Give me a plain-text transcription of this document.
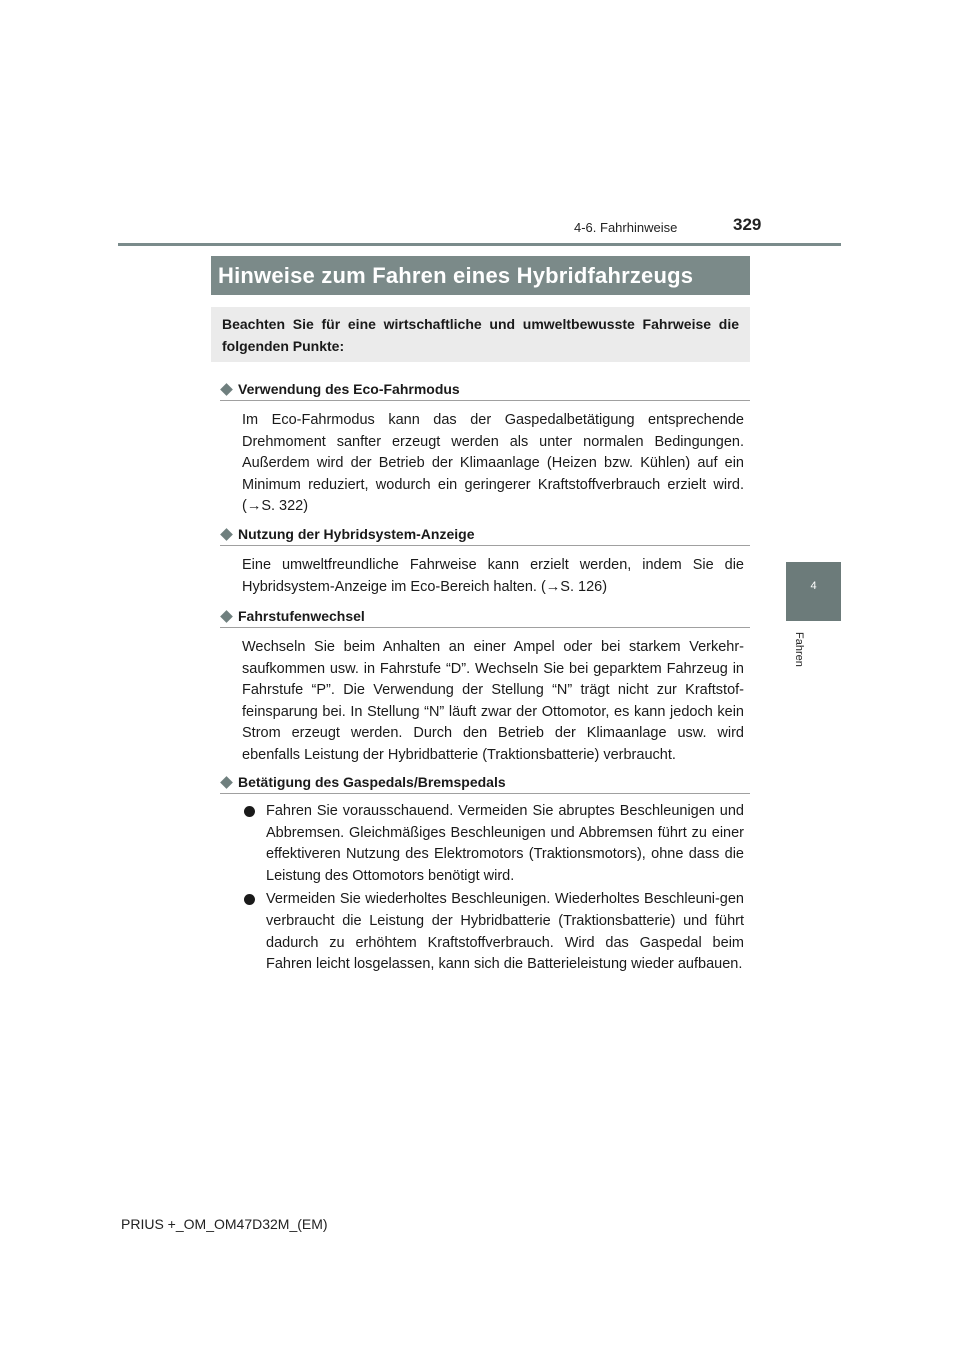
4-6. Fahrhinweise	329
4
Fahren
Hinweise zum Fahren eines Hybridfahrzeugs
Beachten Sie für eine wirtschaftliche und umweltbewusste Fahrweise die folgenden Punkte:
Verwendung des Eco-Fahrmodus
Im Eco-Fahrmodus kann das der Gaspedalbetätigung entsprechende Drehmoment sanfter erzeugt werden als unter normalen Bedingungen. Außerdem wird der Betrieb der Klimaanlage (Heizen bzw. Kühlen) auf ein Minimum reduziert, wodurch ein geringerer Kraftstoffverbrauch erzielt wird. (→S. 322)
Nutzung der Hybridsystem-Anzeige
Eine umweltfreundliche Fahrweise kann erzielt werden, indem Sie die Hybridsystem-Anzeige im Eco-Bereich halten. (→S. 126)
Fahrstufenwechsel
Wechseln Sie beim Anhalten an einer Ampel oder bei starkem Verkehr-saufkommen usw. in Fahrstufe “D”. Wechseln Sie bei geparktem Fahrzeug in Fahrstufe “P”. Die Verwendung der Stellung “N” trägt nicht zur Kraftstof-feinsparung bei. In Stellung “N” läuft zwar der Ottomotor, es kann jedoch kein Strom erzeugt werden. Durch den Betrieb der Klimaanlage usw. wird ebenfalls Leistung der Hybridbatterie (Traktionsbatterie) verbraucht.
Betätigung des Gaspedals/Bremspedals
Fahren Sie vorausschauend. Vermeiden Sie abruptes Beschleunigen und Abbremsen. Gleichmäßiges Beschleunigen und Abbremsen führt zu einer effektiveren Nutzung des Elektromotors (Traktionsmotors), ohne dass die Leistung des Ottomotors benötigt wird.
Vermeiden Sie wiederholtes Beschleunigen. Wiederholtes Beschleuni-gen verbraucht die Leistung der Hybridbatterie (Traktionsbatterie) und führt dadurch zu erhöhtem Kraftstoffverbrauch. Wird das Gaspedal beim Fahren leicht losgelassen, kann sich die Batterieleistung wieder aufbauen.
PRIUS +_OM_OM47D32M_(EM)
